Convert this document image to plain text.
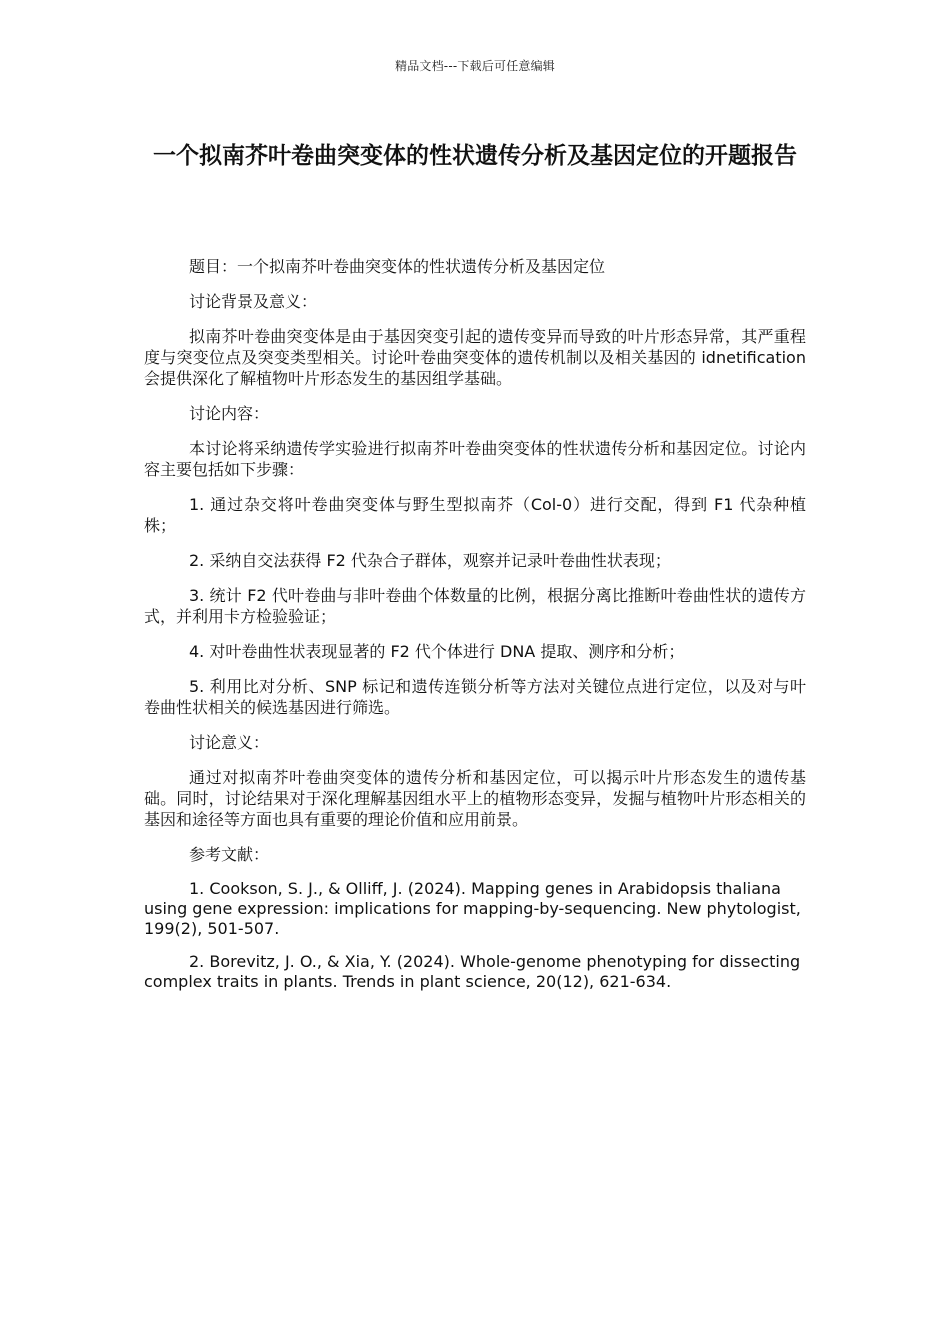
精品文档---下载后可任意编辑
一个拟南芥叶卷曲突变体的性状遗传分析及基因定位的开题报告

题目：一个拟南芥叶卷曲突变体的性状遗传分析及基因定位

讨论背景及意义：

拟南芥叶卷曲突变体是由于基因突变引起的遗传变异而导致的叶片形态异常，其严重程度与突变位点及突变类型相关。讨论叶卷曲突变体的遗传机制以及相关基因的 idnetification 会提供深化了解植物叶片形态发生的基因组学基础。

讨论内容：

本讨论将采纳遗传学实验进行拟南芥叶卷曲突变体的性状遗传分析和基因定位。讨论内容主要包括如下步骤：

1. 通过杂交将叶卷曲突变体与野生型拟南芥（Col-0）进行交配，得到 F1 代杂种植株；

2. 采纳自交法获得 F2 代杂合子群体，观察并记录叶卷曲性状表现；

3. 统计 F2 代叶卷曲与非叶卷曲个体数量的比例，根据分离比推断叶卷曲性状的遗传方式，并利用卡方检验验证；

4. 对叶卷曲性状表现显著的 F2 代个体进行 DNA 提取、测序和分析；

5. 利用比对分析、SNP 标记和遗传连锁分析等方法对关键位点进行定位，以及对与叶卷曲性状相关的候选基因进行筛选。

讨论意义：

通过对拟南芥叶卷曲突变体的遗传分析和基因定位，可以揭示叶片形态发生的遗传基础。同时，讨论结果对于深化理解基因组水平上的植物形态变异，发掘与植物叶片形态相关的基因和途径等方面也具有重要的理论价值和应用前景。

参考文献：

1. Cookson, S. J., & Olliff, J. (2024). Mapping genes in Arabidopsis thaliana using gene expression: implications for mapping-by-sequencing. New phytologist, 199(2), 501-507.

2. Borevitz, J. O., & Xia, Y. (2024). Whole-genome phenotyping for dissecting complex traits in plants. Trends in plant science, 20(12), 621-634.
